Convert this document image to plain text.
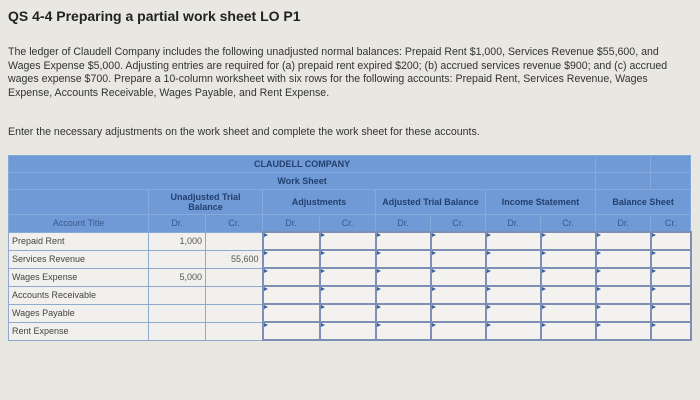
QS 4-4 Preparing a partial work sheet LO P1
The ledger of Claudell Company includes the following unadjusted normal balances: Prepaid Rent $1,000, Services Revenue $55,600, and Wages Expense $5,000. Adjusting entries are required for (a) prepaid rent expired $200; (b) accrued services revenue $900; and (c) accrued wages expense $700. Prepare a 10-column worksheet with six rows for the following accounts: Prepaid Rent, Services Revenue, Wages Expense, Accounts Receivable, Wages Payable, and Rent Expense.
Enter the necessary adjustments on the work sheet and complete the work sheet for these accounts.
CLAUDELL COMPANY										
Work Sheet										
	Unadjusted Trial Balance		Adjustments		Adjusted Trial Balance		Income Statement		Balance Sheet	
Account Title	Dr.	Cr.	Dr.	Cr.	Dr.	Cr.	Dr.	Cr.	Dr.	Cr.
Prepaid Rent	1,000									
Services Revenue		55,600								
Wages Expense	5,000									
Accounts Receivable										
Wages Payable										
Rent Expense										
